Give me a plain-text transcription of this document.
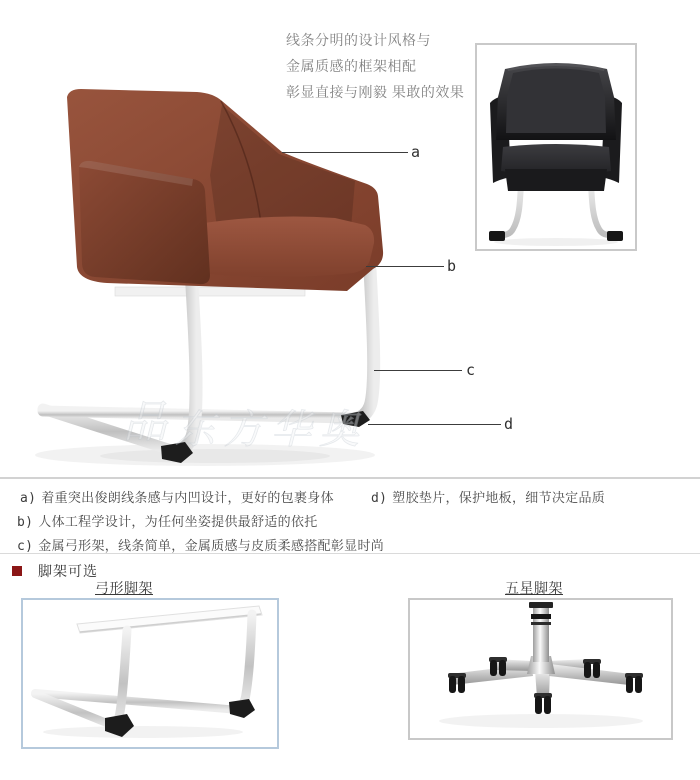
线条分明的设计风格与
金属质感的框架相配
彰显直接与刚毅 果敢的效果
品 东方华奥
a
b
c
d
a) 着重突出俊朗线条感与内凹设计，更好的包裹身体
b) 人体工程学设计，为任何坐姿提供最舒适的依托
c) 金属弓形架，线条简单，金属质感与皮质柔感搭配彰显时尚
d) 塑胶垫片，保护地板，细节决定品质
脚架可选
弓形脚架	五星脚架
